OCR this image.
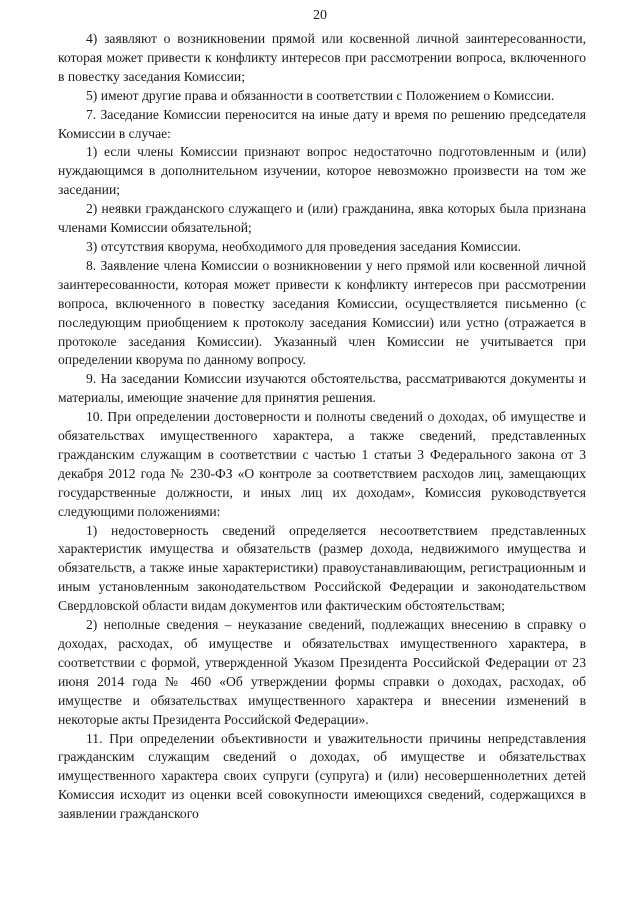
20

4) заявляют о возникновении прямой или косвенной личной заинтересованности, которая может привести к конфликту интересов при рассмотрении вопроса, включенного в повестку заседания Комиссии;

5) имеют другие права и обязанности в соответствии с Положением о Комиссии.

7. Заседание Комиссии переносится на иные дату и время по решению председателя Комиссии в случае:

1) если члены Комиссии признают вопрос недостаточно подготовленным и (или) нуждающимся в дополнительном изучении, которое невозможно произвести на том же заседании;

2) неявки гражданского служащего и (или) гражданина, явка которых была признана членами Комиссии обязательной;

3) отсутствия кворума, необходимого для проведения заседания Комиссии.

8. Заявление члена Комиссии о возникновении у него прямой или косвенной личной заинтересованности, которая может привести к конфликту интересов при рассмотрении вопроса, включенного в повестку заседания Комиссии, осуществляется письменно (с последующим приобщением к протоколу заседания Комиссии) или устно (отражается в протоколе заседания Комиссии). Указанный член Комиссии не учитывается при определении кворума по данному вопросу.

9. На заседании Комиссии изучаются обстоятельства, рассматриваются документы и материалы, имеющие значение для принятия решения.

10. При определении достоверности и полноты сведений о доходах, об имуществе и обязательствах имущественного характера, а также сведений, представленных гражданским служащим в соответствии с частью 1 статьи 3 Федерального закона от 3 декабря 2012 года № 230-ФЗ «О контроле за соответствием расходов лиц, замещающих государственные должности, и иных лиц их доходам», Комиссия руководствуется следующими положениями:

1) недостоверность сведений определяется несоответствием представленных характеристик имущества и обязательств (размер дохода, недвижимого имущества и обязательств, а также иные характеристики) правоустанавливающим, регистрационным и иным установленным законодательством Российской Федерации и законодательством Свердловской области видам документов или фактическим обстоятельствам;

2) неполные сведения – неуказание сведений, подлежащих внесению в справку о доходах, расходах, об имуществе и обязательствах имущественного характера, в соответствии с формой, утвержденной Указом Президента Российской Федерации от 23 июня 2014 года № 460 «Об утверждении формы справки о доходах, расходах, об имуществе и обязательствах имущественного характера и внесении изменений в некоторые акты Президента Российской Федерации».

11. При определении объективности и уважительности причины непредставления гражданским служащим сведений о доходах, об имуществе и обязательствах имущественного характера своих супруги (супруга) и (или) несовершеннолетних детей Комиссия исходит из оценки всей совокупности имеющихся сведений, содержащихся в заявлении гражданского
